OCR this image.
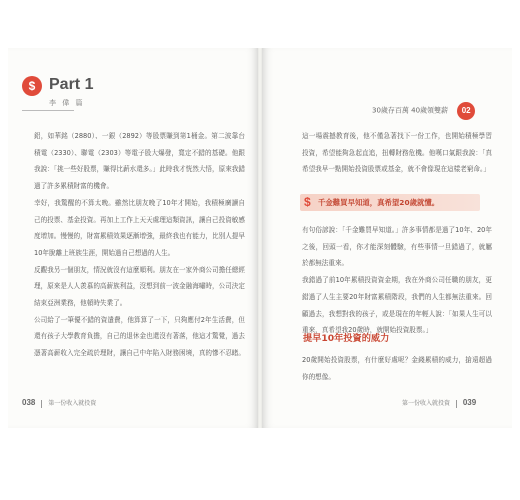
$ Part 1
李 偉 篇

鋁，如華銘（2880）、一銀（2892）等股票賺到第1桶金。第二波靠台積電（2330）、聯電（2303）等電子股大爆發，寬定不錯的基礎。他跟我說：「挑一些好股票，賺得比薪水還多。」此時我才恍然大悟，原來我錯過了許多累積財富的機會。

幸好，我驚醒的不算太晚。雖然比朋友晚了10年才開始，我積極廣讀自己的投票、基金投資。再加上工作上天天處理這類資訊，讓自己投資敏感度增加。慢慢的，財富累積效果逐漸增強，最終我也有能力，比別人提早10年脫離上班族生涯，開始過自己想過的人生。

反觀我另一個朋友，情況就沒有這麼順利。朋友在一家外商公司擔任總經理，原來是人人羨慕的高薪族利益，沒想到前一波金融海嘯時，公司決定結束亞洲業務，他頓時失業了。

公司給了一筆優不錯的資遣費，他算算了一下，只夠應付2年生活費，但還有孩子大學教育負擔，自己的退休金也還沒有著落，他這才驚覺，過去憑著高薪收入完全疏於理財，讓自己中年陷入財務困境，真的慘不忍睹。

30歲存百萬 40歲領雙薪 02

這一場震撼教育後，他不僅急著找下一份工作，也開始積極學習投資，希望能夠急起直追，扭轉財務危機。他嘆口氣跟我說：「真希望我早一點開始投資股票或基金，就不會像現在這樣老窮命。」

$ 千金難買早知道，真希望20歲就懂。

有句俗諺說：「千金難買早知道。」許多事情都是過了10年、20年之後，回頭一看，你才能深刻體驗，有些事情一旦錯過了，就屬於都無法重來。

我錯過了前10年累積投資資金期，我在外商公司任職的朋友，更錯過了人生主要20年財富累積階段，我們的人生都無法重來。回顧過去，我想對我的孩子，或是現在的年輕人說：「如果人生可以重來，真希望我20歲時，就開始投資股票。」

提早10年投資的威力

20歲開始投資股票，有什麼好處呢？金錢累積的威力，搶遠超過你的想像。

038 第一份收入就投資	第一份收入就投資 039
